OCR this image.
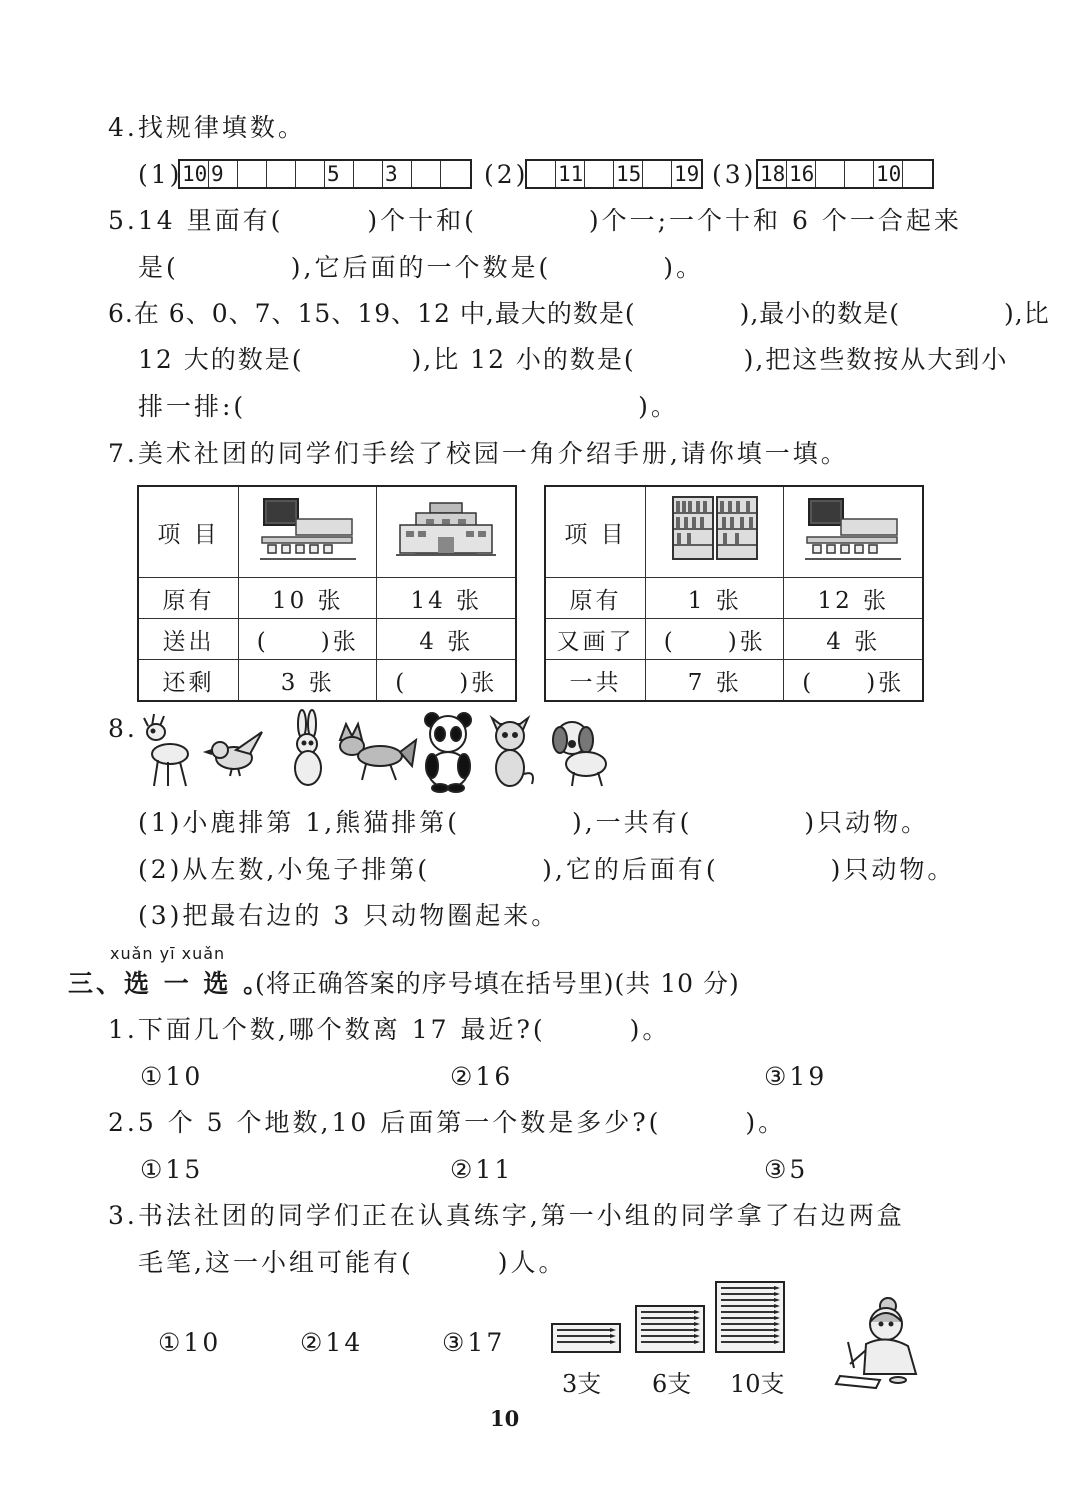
4.找规律填数。
(1) 10 9	5	3	(2) 11 15 19 (3) 18 16	10
5.14 里面有(　　　)个十和(　　　　)个一;一个十和 6 个一合起来
是(　　　　),它后面的一个数是(　　　　)。
6.在 6、0、7、15、19、12 中,最大的数是(　　　　),最小的数是(　　　　),比
12 大的数是(　　　　),比 12 小的数是(　　　　),把这些数按从大到小
排一排:(　　　　　　　　　　　　　　)。
7.美术社团的同学们手绘了校园一角介绍手册,请你填一填。
项 目		
原有	10 张	14 张
送出	(　　)张	4 张
还剩	3 张	(　　)张
项 目		
原有	1 张	12 张
又画了	(　　)张	4 张
一共	7 张	(　　)张
8.
(1)小鹿排第 1,熊猫排第(　　　　),一共有(　　　　)只动物。
(2)从左数,小兔子排第(　　　　),它的后面有(　　　　)只动物。
(3)把最右边的 3 只动物圈起来。
xuǎn yī xuǎn
三、选 一 选 。
(将正确答案的序号填在括号里)(共 10 分)
1.下面几个数,哪个数离 17 最近?(　　　)。
①10	②16	③19
2.5 个 5 个地数,10 后面第一个数是多少?(　　　)。
①15	②11	③5
3.书法社团的同学们正在认真练字,第一小组的同学拿了右边两盒
毛笔,这一小组可能有(　　　)人。
①10	②14	③17
3支 6支 10支
10
